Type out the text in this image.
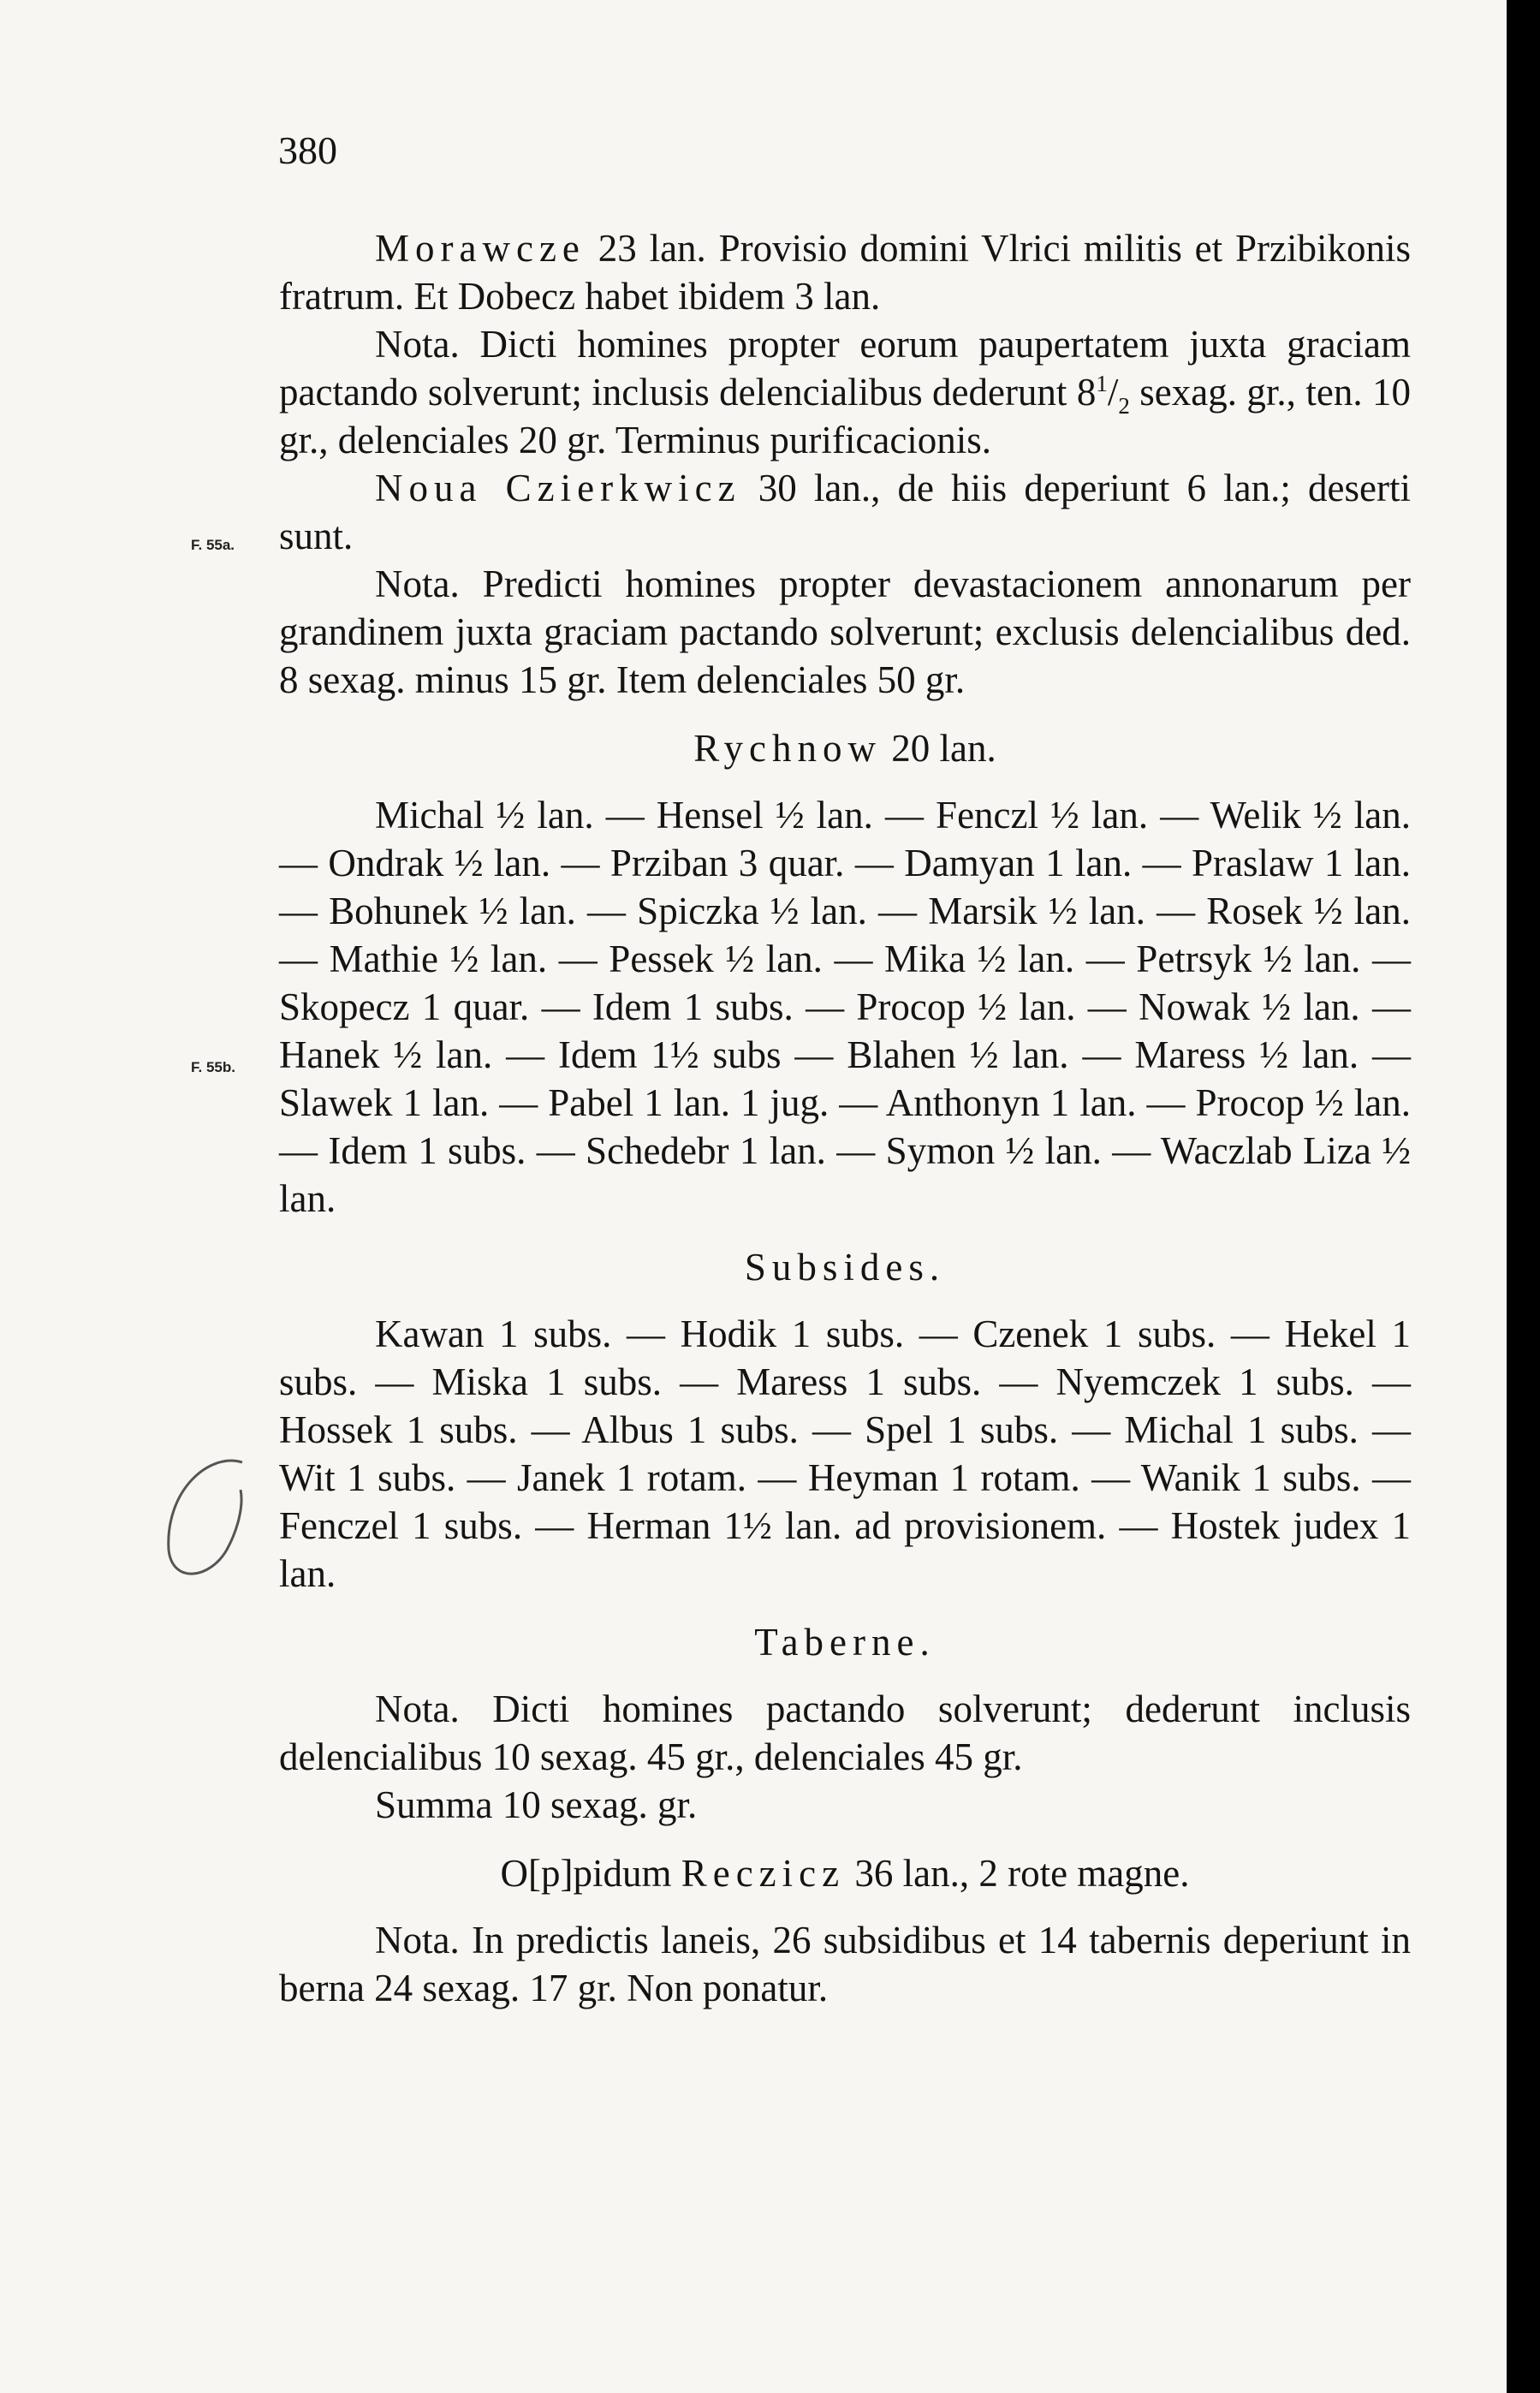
380
F. 55a.
F. 55b.

Morawcze 23 lan. Provisio domini Vlrici militis et Przibikonis fratrum. Et Dobecz habet ibidem 3 lan.

Nota. Dicti homines propter eorum paupertatem juxta graciam pactando solverunt; inclusis delencialibus dederunt $8^1/_2$ sexag. gr., ten. 10 gr., delenciales 20 gr. Terminus purificacionis.

Noua Czierkwicz 30 lan., de hiis deperiunt 6 lan.; deserti sunt.

Nota. Predicti homines propter devastacionem annonarum per grandinem juxta graciam pactando solverunt; exclusis delencialibus ded. 8 sexag. minus 15 gr. Item delenciales 50 gr.

Rychnow 20 lan.

Michal ½ lan. — Hensel ½ lan. — Fenczl ½ lan. — Welik ½ lan. — Ondrak ½ lan. — Prziban 3 quar. — Damyan 1 lan. — Praslaw 1 lan. — Bohunek ½ lan. — Spiczka ½ lan. — Marsik ½ lan. — Rosek ½ lan. — Mathie ½ lan. — Pessek ½ lan. — Mika ½ lan. — Petrsyk ½ lan. — Skopecz 1 quar. — Idem 1 subs. — Procop ½ lan. — Nowak ½ lan. — Hanek ½ lan. — Idem 1½ subs — Blahen ½ lan. — Maress ½ lan. — Slawek 1 lan. — Pabel 1 lan. 1 jug. — Anthonyn 1 lan. — Procop ½ lan. — Idem 1 subs. — Schedebr 1 lan. — Symon ½ lan. — Waczlab Liza ½ lan.

Subsides.

Kawan 1 subs. — Hodik 1 subs. — Czenek 1 subs. — Hekel 1 subs. — Miska 1 subs. — Maress 1 subs. — Nyemczek 1 subs. — Hossek 1 subs. — Albus 1 subs. — Spel 1 subs. — Michal 1 subs. — Wit 1 subs. — Janek 1 rotam. — Heyman 1 rotam. — Wanik 1 subs. — Fenczel 1 subs. — Herman 1½ lan. ad provisionem. — Hostek judex 1 lan.

Taberne.

Nota. Dicti homines pactando solverunt; dederunt inclusis delencialibus 10 sexag. 45 gr., delenciales 45 gr.

Summa 10 sexag. gr.

O[p]pidum Reczicz 36 lan., 2 rote magne.

Nota. In predictis laneis, 26 subsidibus et 14 tabernis deperiunt in berna 24 sexag. 17 gr. Non ponatur.
